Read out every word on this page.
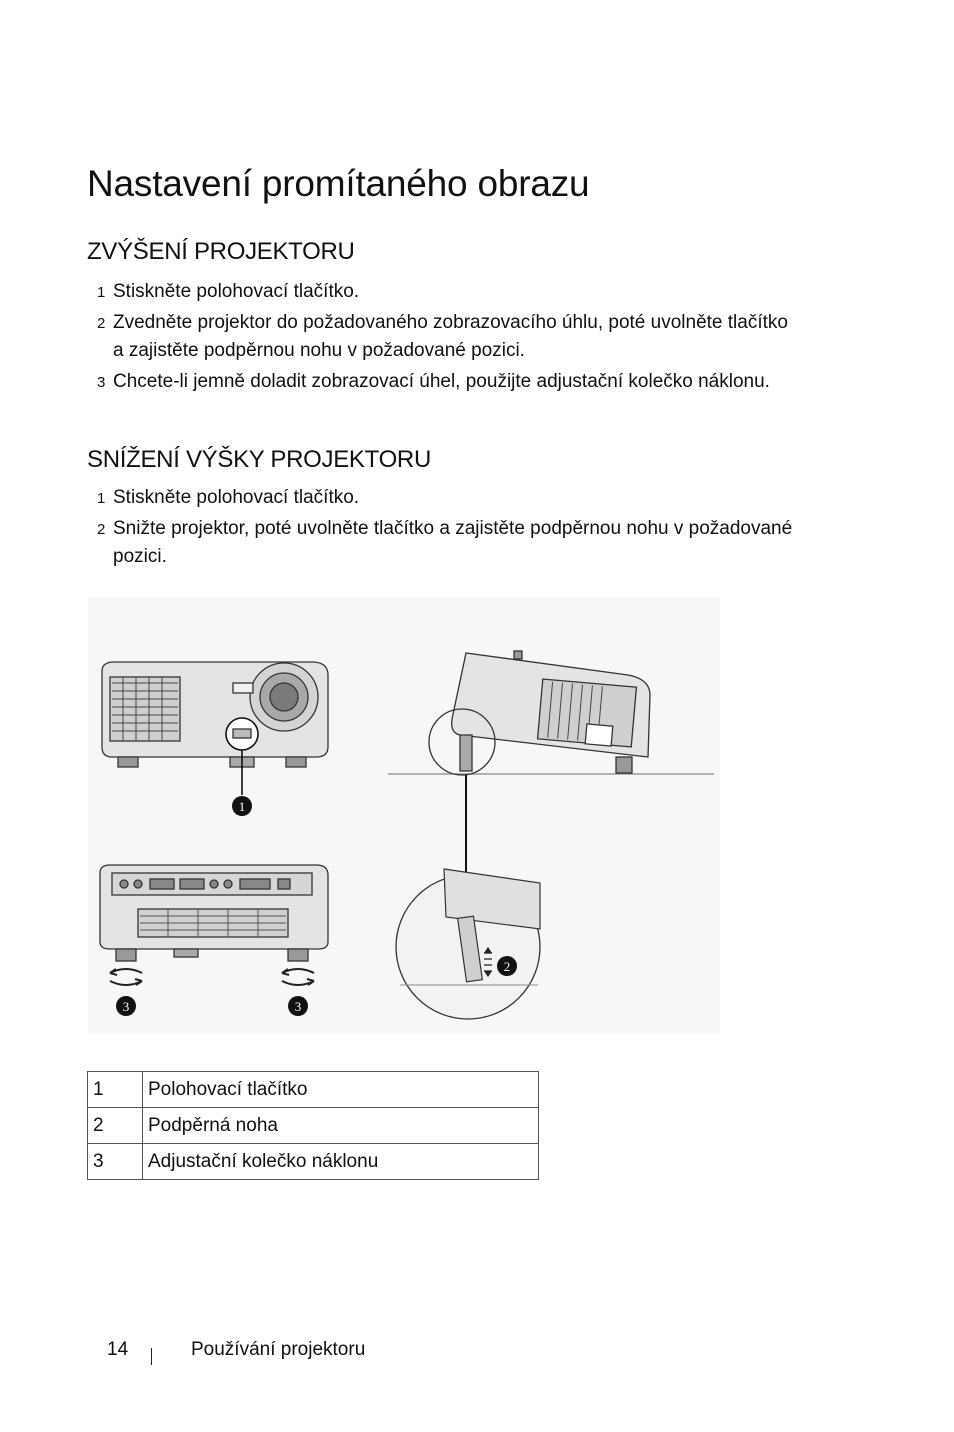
Nastavení promítaného obrazu
ZVÝŠENÍ PROJEKTORU
1 Stiskněte polohovací tlačítko.
2 Zvedněte projektor do požadovaného zobrazovacího úhlu, poté uvolněte tlačítko a zajistěte podpěrnou nohu v požadované pozici.
3 Chcete-li jemně doladit zobrazovací úhel, použijte adjustační kolečko náklonu.
SNÍŽENÍ VÝŠKY PROJEKTORU
1 Stiskněte polohovací tlačítko.
2 Snižte projektor, poté uvolněte tlačítko a zajistěte podpěrnou nohu v požadované pozici.
1
3	3
2
1	Polohovací tlačítko
2	Podpěrná noha
3	Adjustační kolečko náklonu
14	Používání projektoru
